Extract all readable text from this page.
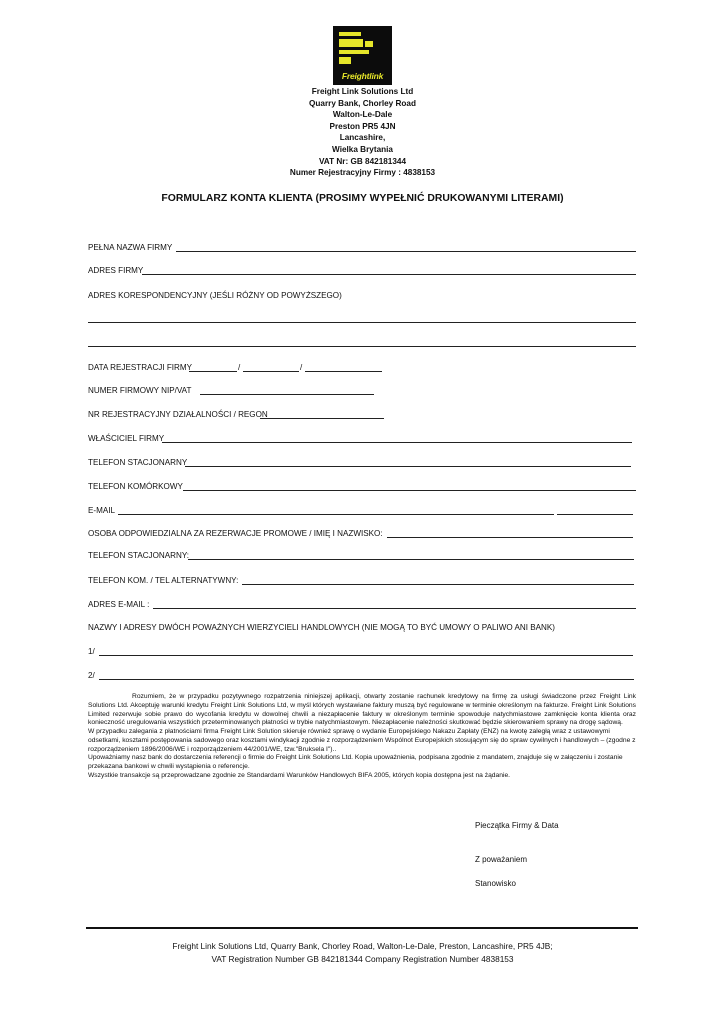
Freightlink
Freight Link Solutions Ltd
Quarry Bank, Chorley Road
Walton-Le-Dale
Preston PR5 4JN
Lancashire,
Wielka Brytania
VAT Nr: GB 842181344
Numer Rejestracyjny Firmy : 4838153
FORMULARZ KONTA KLIENTA (PROSIMY WYPEŁNIĆ DRUKOWANYMI LITERAMI)
PEŁNA NAZWA FIRMY
ADRES FIRMY
ADRES KORESPONDENCYJNY (JEŚLI RÓŻNY OD POWYŻSZEGO)
DATA REJESTRACJI FIRMY	/	/
NUMER FIRMOWY NIP/VAT
NR REJESTRACYJNY DZIAŁALNOŚCI / REGON
WŁAŚCICIEL FIRMY
TELEFON STACJONARNY
TELEFON KOMÓRKOWY
E-MAIL
OSOBA ODPOWIEDZIALNA ZA REZERWACJE PROMOWE / IMIĘ I NAZWISKO:
TELEFON STACJONARNY:
TELEFON KOM. / TEL ALTERNATYWNY:
ADRES E-MAIL :
NAZWY I ADRESY DWÓCH POWAŻNYCH WIERZYCIELI HANDLOWYCH (NIE MOGĄ TO BYĆ UMOWY O PALIWO ANI BANK)
1/
2/

Rozumiem, że w przypadku pozytywnego rozpatrzenia niniejszej aplikacji, otwarty zostanie rachunek kredytowy na firmę za usługi świadczone przez Freight Link Solutions Ltd. Akceptuję warunki kredytu Freight Link Solutions Ltd, w myśl których wystawiane faktury muszą być regulowane w terminie określonym na fakturze. Freight Link Solutions Limited rezerwuje sobie prawo do wycofania kredytu w dowolnej chwili a niezapłacenie faktury w określonym terminie spowoduje natychmiastowe zamknięcie konta klienta oraz konieczność uregulowania wszystkich przeterminowanych płatności w trybie natychmiastowym. Niezapłacenie należności skutkować będzie skierowaniem sprawy na drogę sądową.

W przypadku zalegania z płatnościami firma Freight Link Solution skieruje również sprawę o wydanie Europejskiego Nakazu Zapłaty (ENZ) na kwotę zaległą wraz z ustawowymi odsetkami, kosztami postępowania sadowego oraz kosztami windykacji zgodnie z rozporządzeniem Wspólnot Europejskich stosującym się do spraw cywilnych i handlowych – (zgodne z rozporządzeniem 1896/2006/WE i rozporządzeniem 44/2001/WE, tzw."Bruksela I")..

Upoważniamy nasz bank do dostarczenia referencji o firmie do Freight Link Solutions Ltd. Kopia upoważnienia, podpisana zgodnie z mandatem, znajduje się w załączeniu i zostanie przekazana bankowi w chwili wystąpienia o referencje.

Wszystkie transakcje są przeprowadzane zgodnie ze Standardami Warunków Handlowych BIFA 2005, których kopia dostępna jest na żądanie.

Pieczątka Firmy & Data
Z poważaniem
Stanowisko
Freight Link Solutions Ltd, Quarry Bank, Chorley Road, Walton-Le-Dale, Preston, Lancashire, PR5 4JB;
VAT Registration Number GB 842181344 Company Registration Number 4838153
